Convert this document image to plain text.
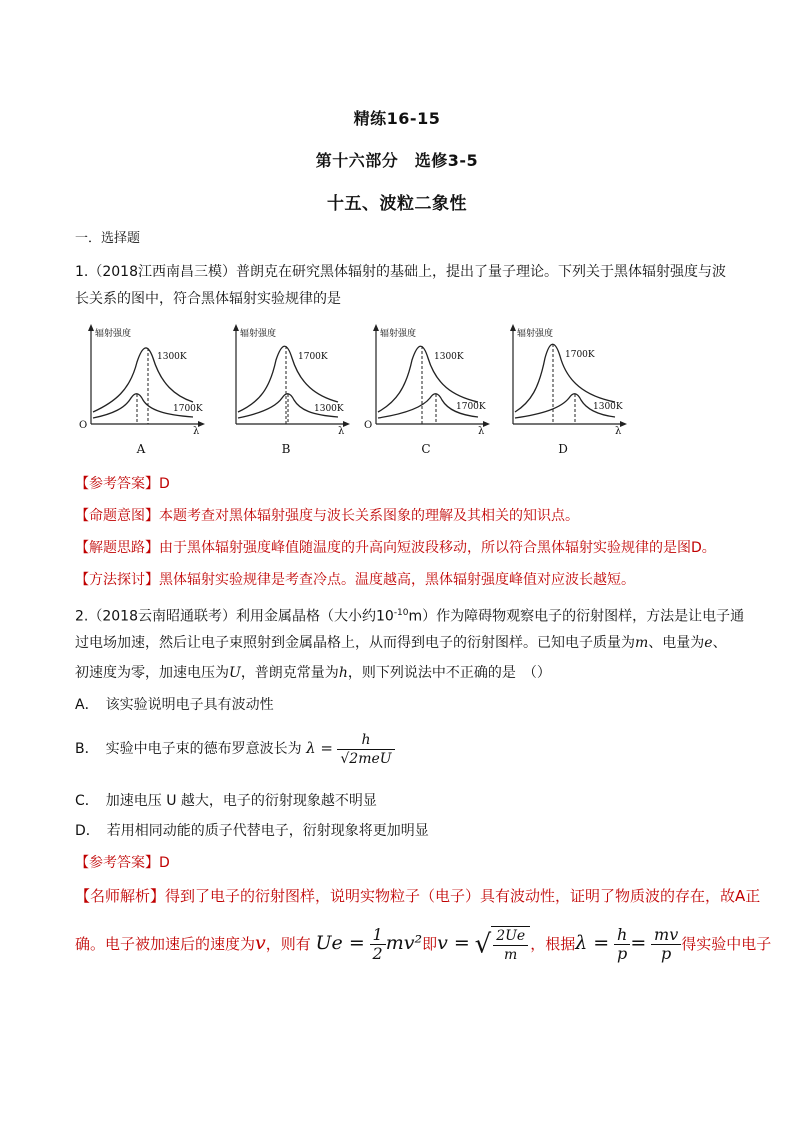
精练16-15
第十六部分　选修3-5
十五、波粒二象性
一．选择题
1.（2018江西南昌三模）普朗克在研究黑体辐射的基础上，提出了量子理论。下列关于黑体辐射强度与波
长关系的图中，符合黑体辐射实验规律的是
辐射强度
1300K
1700K
O
λ
A
辐射强度
1700K
1300K
λ
B
辐射强度
1300K
1700K
O
λ
C
辐射强度
1700K
1300K
λ
D
【参考答案】D
【命题意图】本题考查对黑体辐射强度与波长关系图象的理解及其相关的知识点。
【解题思路】由于黑体辐射强度峰值随温度的升高向短波段移动，所以符合黑体辐射实验规律的是图D。
【方法探讨】黑体辐射实验规律是考查冷点。温度越高，黑体辐射强度峰值对应波长越短。
2.（2018云南昭通联考）利用金属晶格（大小约$10^{-10}m$）作为障碍物观察电子的衍射图样，方法是让电子通
过电场加速，然后让电子束照射到金属晶格上，从而得到电子的衍射图样。已知电子质量为m、电量为e、
初速度为零，加速电压为U，普朗克常量为h，则下列说法中不正确的是　（）
A．　该实验说明电子具有波动性
B．　实验中电子束的德布罗意波长为 $\lambda = \frac{h}{\text{√2meU}}$
C．　加速电压 U 越大，电子的衍射现象越不明显
D．　若用相同动能的质子代替电子，衍射现象将更加明显
【参考答案】D
【名师解析】得到了电子的衍射图样，说明实物粒子（电子）具有波动性，证明了物质波的存在，故A正
确。电子被加速后的速度为v，则有 $Ue = \frac{1}{2} mv^2$即v = √ $\frac{2Ue}{m}$ ，根据$\lambda = \frac{h}{p} = \frac{mv}{p}$ 得实验中电子
